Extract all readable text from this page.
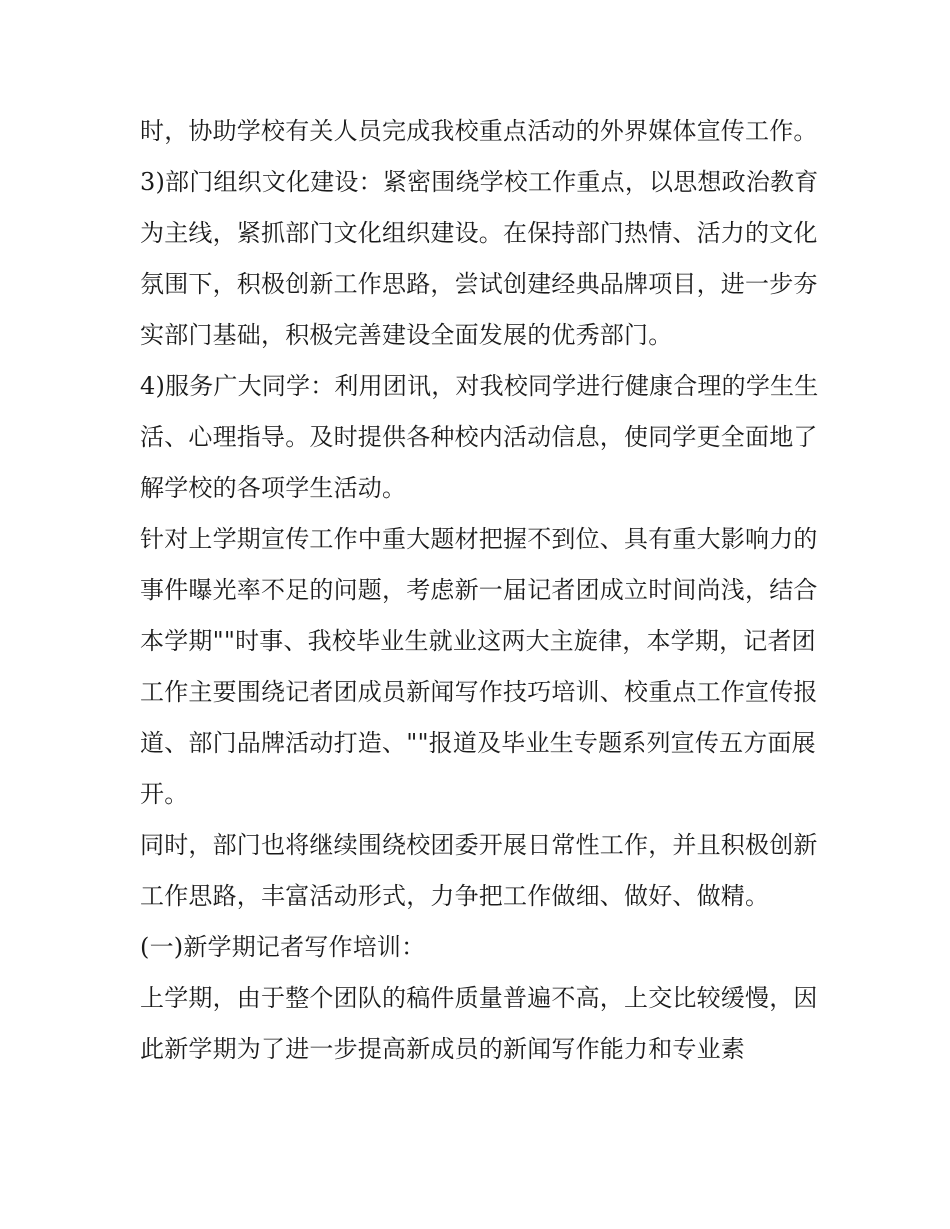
时，协助学校有关人员完成我校重点活动的外界媒体宣传工作。

3)部门组织文化建设：紧密围绕学校工作重点，以思想政治教育为主线，紧抓部门文化组织建设。在保持部门热情、活力的文化氛围下，积极创新工作思路，尝试创建经典品牌项目，进一步夯实部门基础，积极完善建设全面发展的优秀部门。

4)服务广大同学：利用团讯，对我校同学进行健康合理的学生生活、心理指导。及时提供各种校内活动信息，使同学更全面地了解学校的各项学生活动。

针对上学期宣传工作中重大题材把握不到位、具有重大影响力的事件曝光率不足的问题，考虑新一届记者团成立时间尚浅，结合本学期""时事、我校毕业生就业这两大主旋律，本学期，记者团工作主要围绕记者团成员新闻写作技巧培训、校重点工作宣传报道、部门品牌活动打造、""报道及毕业生专题系列宣传五方面展开。

同时，部门也将继续围绕校团委开展日常性工作，并且积极创新工作思路，丰富活动形式，力争把工作做细、做好、做精。

(一)新学期记者写作培训：

上学期，由于整个团队的稿件质量普遍不高，上交比较缓慢，因此新学期为了进一步提高新成员的新闻写作能力和专业素
